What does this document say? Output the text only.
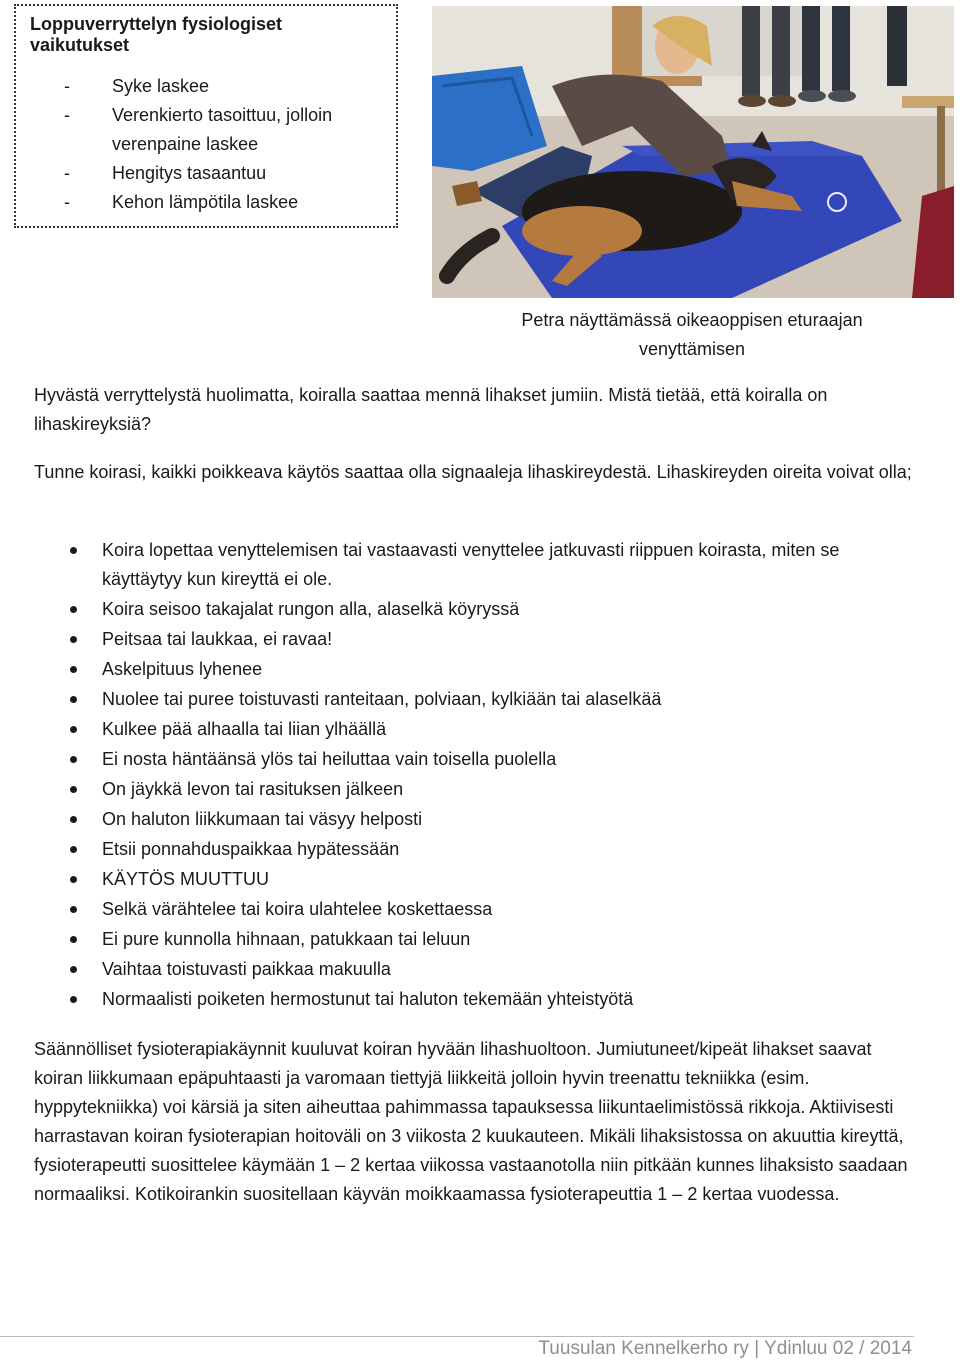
Loppuverryttelyn fysiologiset vaikutukset

- Syke laskee
- Verenkierto tasoittuu, jolloin verenpaine laskee
- Hengitys tasaantuu
- Kehon lämpötila laskee
Petra näyttämässä oikeaoppisen eturaajan
venyttämisen

Hyvästä verryttelystä huolimatta, koiralla saattaa mennä lihakset jumiin. Mistä tietää, että koiralla on lihaskireyksiä?

Tunne koirasi, kaikki poikkeava käytös saattaa olla signaaleja lihaskireydestä. Lihaskireyden oireita voivat olla;

Koira lopettaa venyttelemisen tai vastaavasti venyttelee jatkuvasti riippuen koirasta, miten se käyttäytyy kun kireyttä ei ole.
Koira seisoo takajalat rungon alla, alaselkä köyryssä
Peitsaa tai laukkaa, ei ravaa!
Askelpituus lyhenee
Nuolee tai puree toistuvasti ranteitaan, polviaan, kylkiään tai alaselkää
Kulkee pää alhaalla tai liian ylhäällä
Ei nosta häntäänsä ylös tai heiluttaa vain toisella puolella
On jäykkä levon tai rasituksen jälkeen
On haluton liikkumaan tai väsyy helposti
Etsii ponnahduspaikkaa hypätessään
KÄYTÖS MUUTTUU
Selkä värähtelee tai koira ulahtelee koskettaessa
Ei pure kunnolla hihnaan, patukkaan tai leluun
Vaihtaa toistuvasti paikkaa makuulla
Normaalisti poiketen hermostunut tai haluton tekemään yhteistyötä

Säännölliset fysioterapiakäynnit kuuluvat koiran hyvään lihashuoltoon. Jumiutuneet/kipeät lihakset saavat koiran liikkumaan epäpuhtaasti ja varomaan tiettyjä liikkeitä jolloin hyvin treenattu tekniikka (esim. hyppytekniikka) voi kärsiä ja siten aiheuttaa pahimmassa tapauksessa liikuntaelimistössä rikkoja. Aktiivisesti harrastavan koiran fysioterapian hoitoväli on 3 viikosta 2 kuukauteen. Mikäli lihaksistossa on akuuttia kireyttä, fysioterapeutti suosittelee käymään 1 – 2 kertaa viikossa vastaanotolla niin pitkään kunnes lihaksisto saadaan normaaliksi. Kotikoirankin suositellaan käyvän moikkaamassa fysioterapeuttia 1 – 2 kertaa vuodessa.

Tuusulan Kennelkerho ry | Ydinluu 02 / 2014
